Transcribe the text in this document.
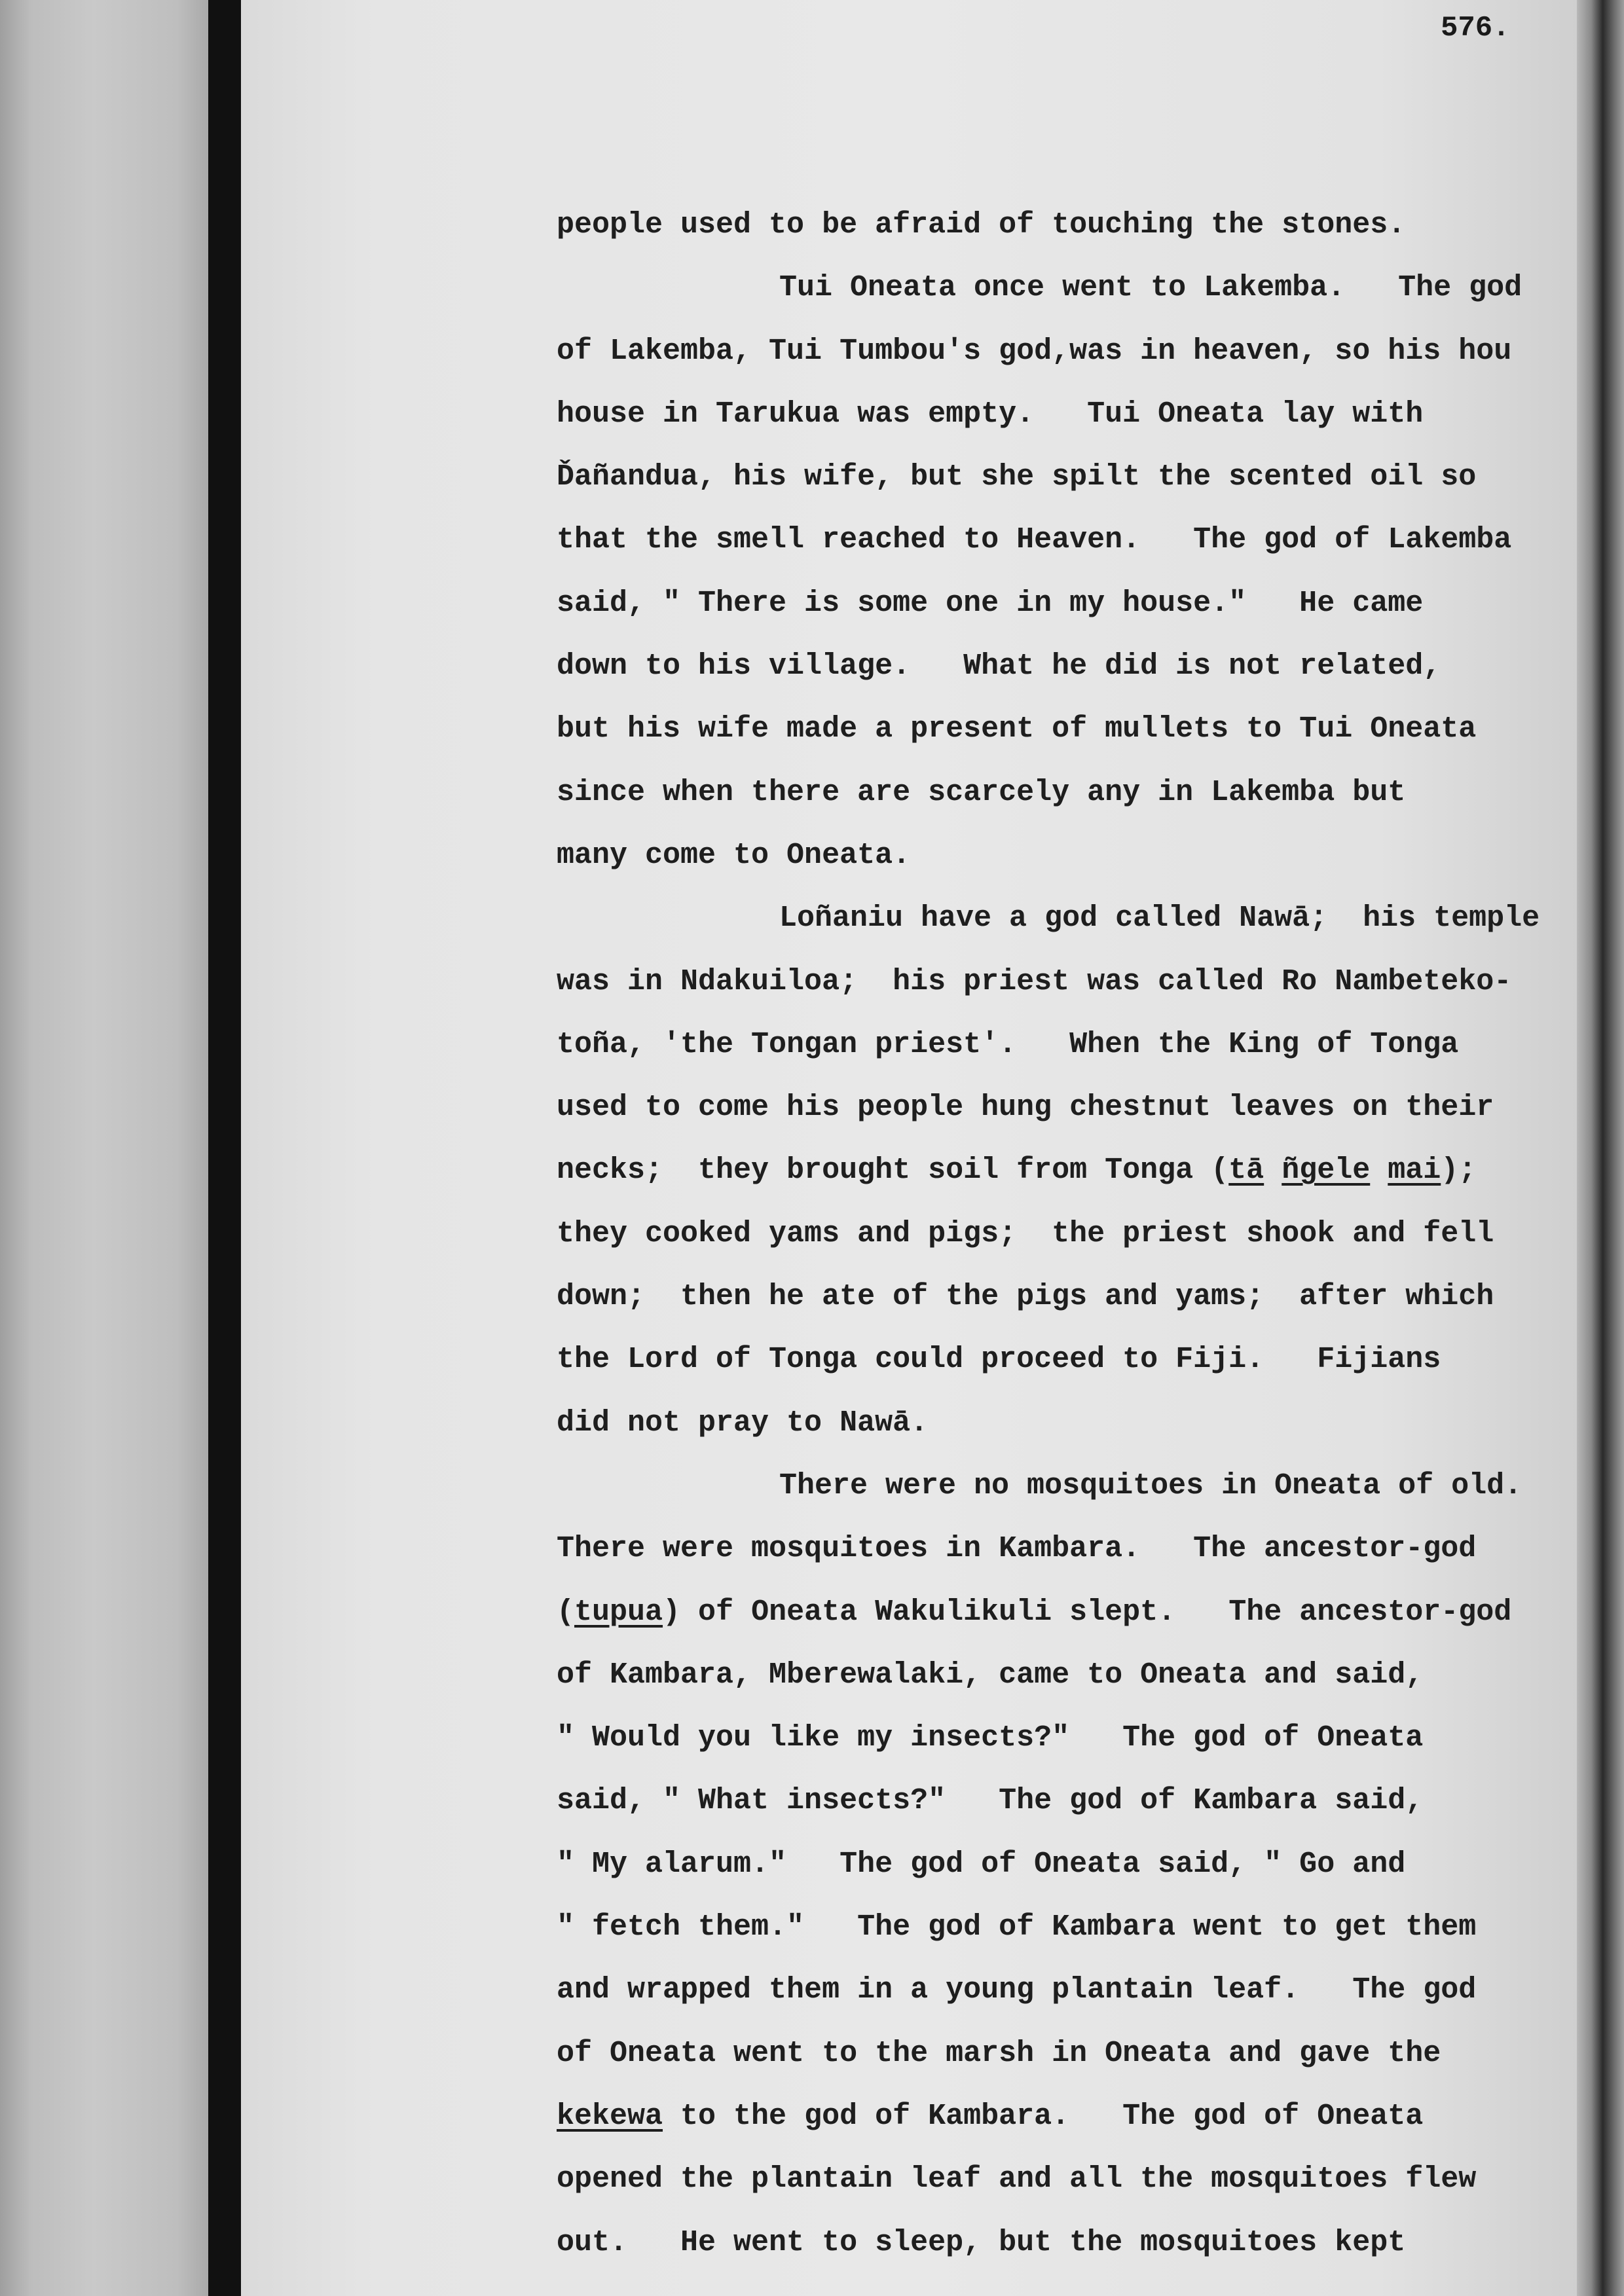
576.
people used to be afraid of touching the stones.
Tui Oneata once went to Lakemba.   The god
of Lakemba, Tui Tumbou's god,was in heaven, so his hou
house in Tarukua was empty.   Tui Oneata lay with
Ďañandua, his wife, but she spilt the scented oil so
that the smell reached to Heaven.   The god of Lakemba
said, " There is some one in my house."   He came
down to his village.   What he did is not related,
but his wife made a present of mullets to Tui Oneata
since when there are scarcely any in Lakemba but
many come to Oneata.
Loñaniu have a god called Nawā;  his temple
was in Ndakuiloa;  his priest was called Ro Nambeteko-
toña, 'the Tongan priest'.   When the King of Tonga
used to come his people hung chestnut leaves on their
necks;  they brought soil from Tonga (tā ñgele mai);
they cooked yams and pigs;  the priest shook and fell
down;  then he ate of the pigs and yams;  after which
the Lord of Tonga could proceed to Fiji.   Fijians
did not pray to Nawā.
There were no mosquitoes in Oneata of old.
There were mosquitoes in Kambara.   The ancestor-god
(tupua) of Oneata Wakulikuli slept.   The ancestor-god
of Kambara, Mberewalaki, came to Oneata and said,
" Would you like my insects?"   The god of Oneata
said, " What insects?"   The god of Kambara said,
" My alarum."   The god of Oneata said, " Go and
" fetch them."   The god of Kambara went to get them
and wrapped them in a young plantain leaf.   The god
of Oneata went to the marsh in Oneata and gave the
kekewa to the god of Kambara.   The god of Oneata
opened the plantain leaf and all the mosquitoes flew
out.   He went to sleep, but the mosquitoes kept
